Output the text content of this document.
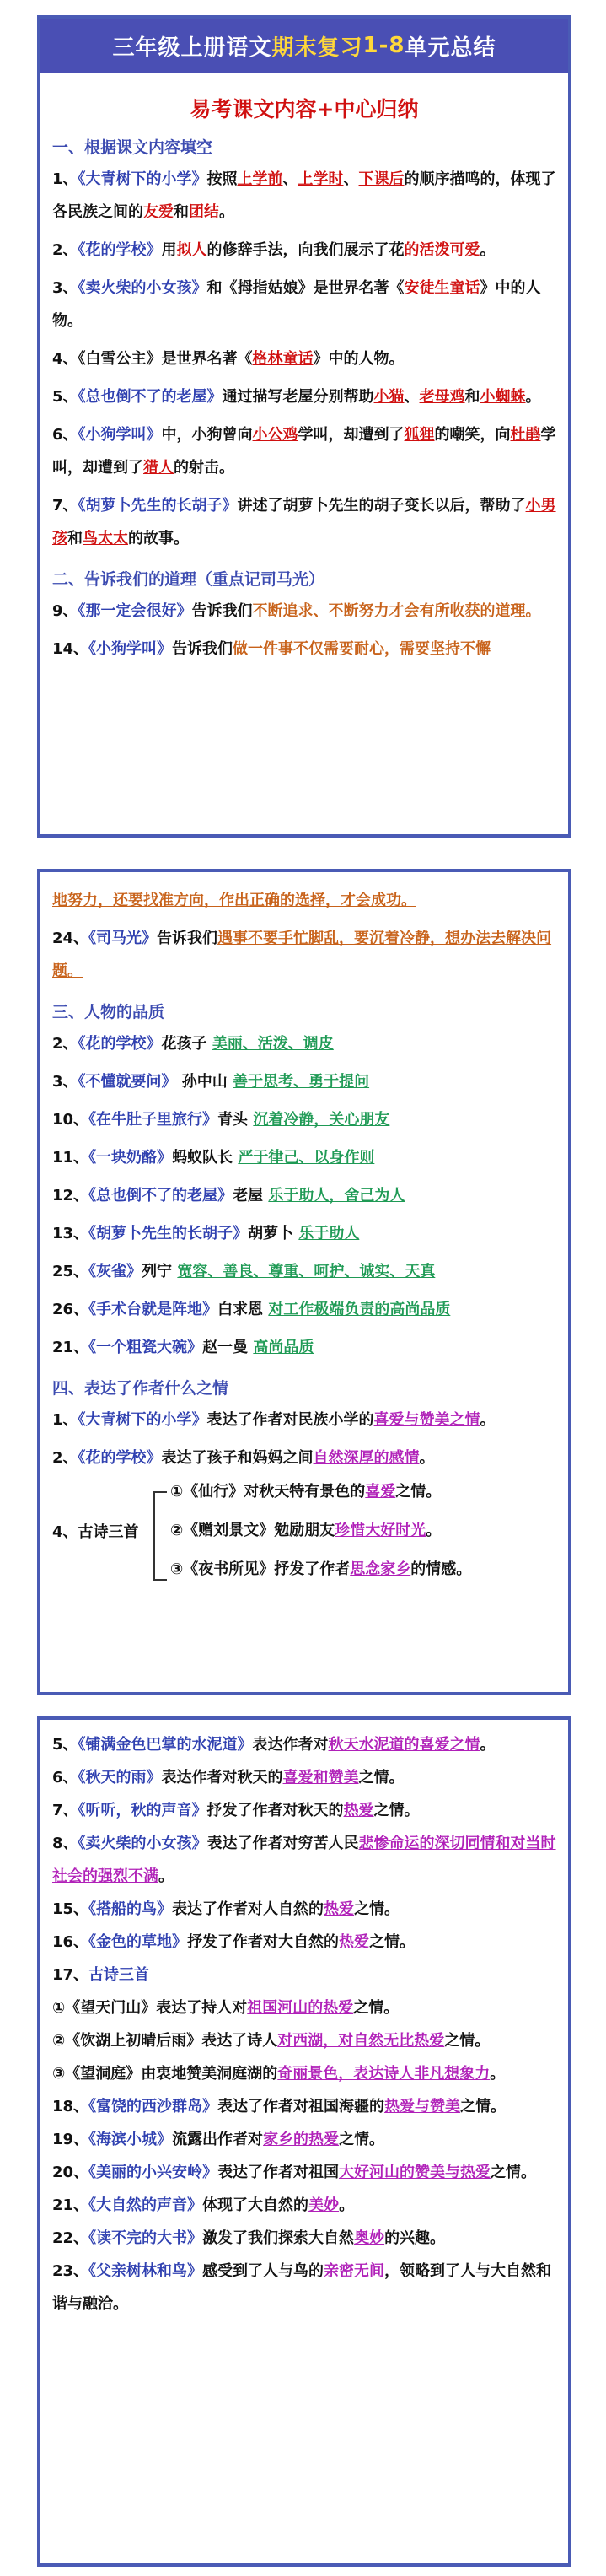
三年级上册语文 期末复习 1-8 单元总结
易考课文内容+中心归纳
一、根据课文内容填空
1、《大青树下的小学》按照上学前、上学时、下课后的顺序描鸣的，体现了各民族之间的友爱和团结。
2、《花的学校》用拟人的修辞手法，向我们展示了花的活泼可爱。
3、《卖火柴的小女孩》和《拇指姑娘》是世界名著《安徒生童话》中的人物。
4、《白雪公主》是世界名著《格林童话》中的人物。
5、《总也倒不了的老屋》通过描写老屋分别帮助小猫、老母鸡和小蜘蛛。
6、《小狗学叫》中，小狗曾向小公鸡学叫，却遭到了狐狸的嘲笑，向杜鹃学叫，却遭到了猎人的射击。
7、《胡萝卜先生的长胡子》讲述了胡萝卜先生的胡子变长以后，帮助了小男孩和鸟太太的故事。
二、告诉我们的道理（重点记司马光）
9、《那一定会很好》告诉我们不断追求、不断努力才会有所收获的道理。
14、《小狗学叫》告诉我们做一件事不仅需要耐心，需要坚持不懈
地努力，还要找准方向，作出正确的选择，才会成功。
24、《司马光》告诉我们遇事不要手忙脚乱，要沉着冷静，想办法去解决问题。
三、人物的品质
2、《花的学校》花孩子 美丽、活泼、调皮
3、《不懂就要问》 孙中山 善于思考、勇于提问
10、《在牛肚子里旅行》青头 沉着冷静，关心朋友
11、《一块奶酪》蚂蚁队长 严于律己、以身作则
12、《总也倒不了的老屋》老屋 乐于助人，舍己为人
13、《胡萝卜先生的长胡子》胡萝卜 乐于助人
25、《灰雀》列宁 宽容、善良、尊重、呵护、诚实、天真
26、《手术台就是阵地》白求恩 对工作极端负责的高尚品质
21、《一个粗瓷大碗》赵一曼 高尚品质
四、表达了作者什么之情
1、《大青树下的小学》表达了作者对民族小学的喜爱与赞美之情。
2、《花的学校》表达了孩子和妈妈之间自然深厚的感情。
4、古诗三首
①《仙行》对秋天特有景色的喜爱之情。
②《赠刘景文》勉励朋友珍惜大好时光。
③《夜书所见》抒发了作者思念家乡的情感。
5、《铺满金色巴掌的水泥道》表达作者对秋天水泥道的喜爱之情。
6、《秋天的雨》表达作者对秋天的喜爱和赞美之情。
7、《听听，秋的声音》抒发了作者对秋天的热爱之情。
8、《卖火柴的小女孩》表达了作者对穷苦人民悲惨命运的深切同情和对当时社会的强烈不满。
15、《搭船的鸟》表达了作者对人自然的热爱之情。
16、《金色的草地》抒发了作者对大自然的热爱之情。
17、古诗三首
①《望天门山》表达了持人对祖国河山的热爱之情。
②《饮湖上初晴后雨》表达了诗人对西湖，对自然无比热爱之情。
③《望洞庭》由衷地赞美洞庭湖的奇丽景色，表达诗人非凡想象力。
18、《富饶的西沙群岛》表达了作者对祖国海疆的热爱与赞美之情。
19、《海滨小城》流露出作者对家乡的热爱之情。
20、《美丽的小兴安岭》表达了作者对祖国大好河山的赞美与热爱之情。
21、《大自然的声音》体现了大自然的美妙。
22、《读不完的大书》激发了我们探索大自然奥妙的兴趣。
23、《父亲树林和鸟》感受到了人与鸟的亲密无间，领略到了人与大自然和谐与融洽。
